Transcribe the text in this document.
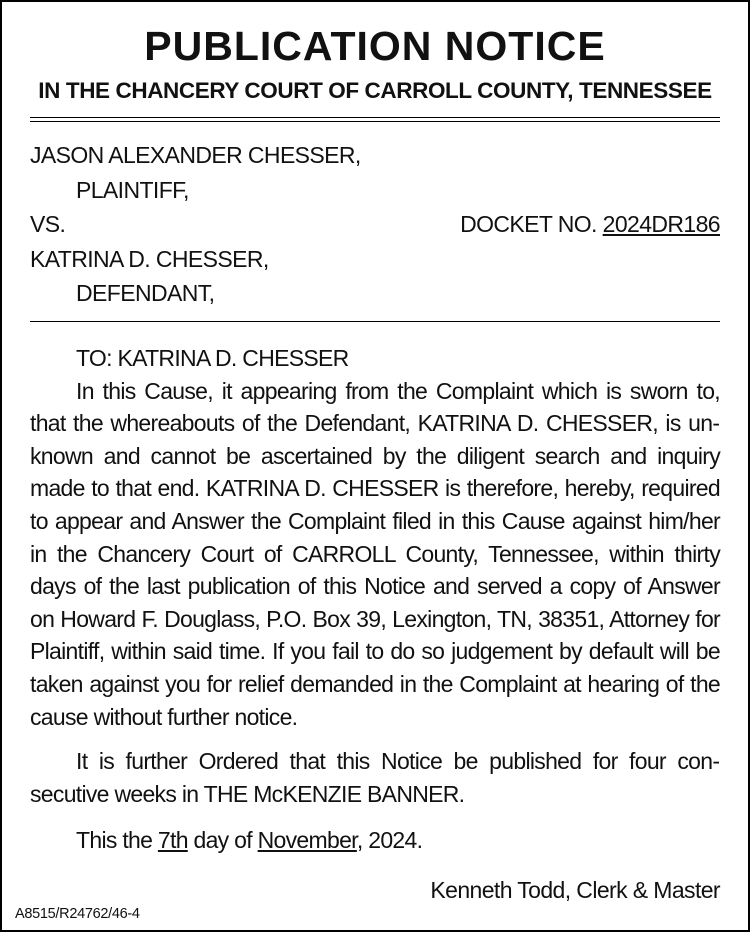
PUBLICATION NOTICE
IN THE CHANCERY COURT OF CARROLL COUNTY, TENNESSEE
JASON ALEXANDER CHESSER,
PLAINTIFF,
VS.	DOCKET NO. 2024DR186
KATRINA D. CHESSER,
DEFENDANT,

TO: KATRINA D. CHESSER

In this Cause, it appearing from the Complaint which is sworn to, that the whereabouts of the Defendant, KATRINA D. CHESSER, is unknown and cannot be ascertained by the diligent search and inquiry made to that end. KATRINA D. CHESSER is therefore, hereby, required to appear and Answer the Complaint filed in this Cause against him/​her in the Chancery Court of CARROLL County, Tennessee, within thirty days of the last publication of this Notice and served a copy of Answer on Howard F. Douglass, P.O. Box 39, Lexington, TN, 38351, Attorney for Plaintiff, within said time. If you fail to do so judgement by default will be taken against you for relief demanded in the Complaint at hearing of the cause without further notice.

It is further Ordered that this Notice be published for four consecutive weeks in THE McKENZIE BANNER.

This the 7th day of November, 2024.

Kenneth Todd, Clerk & Master
A8515/R24762/46-4
